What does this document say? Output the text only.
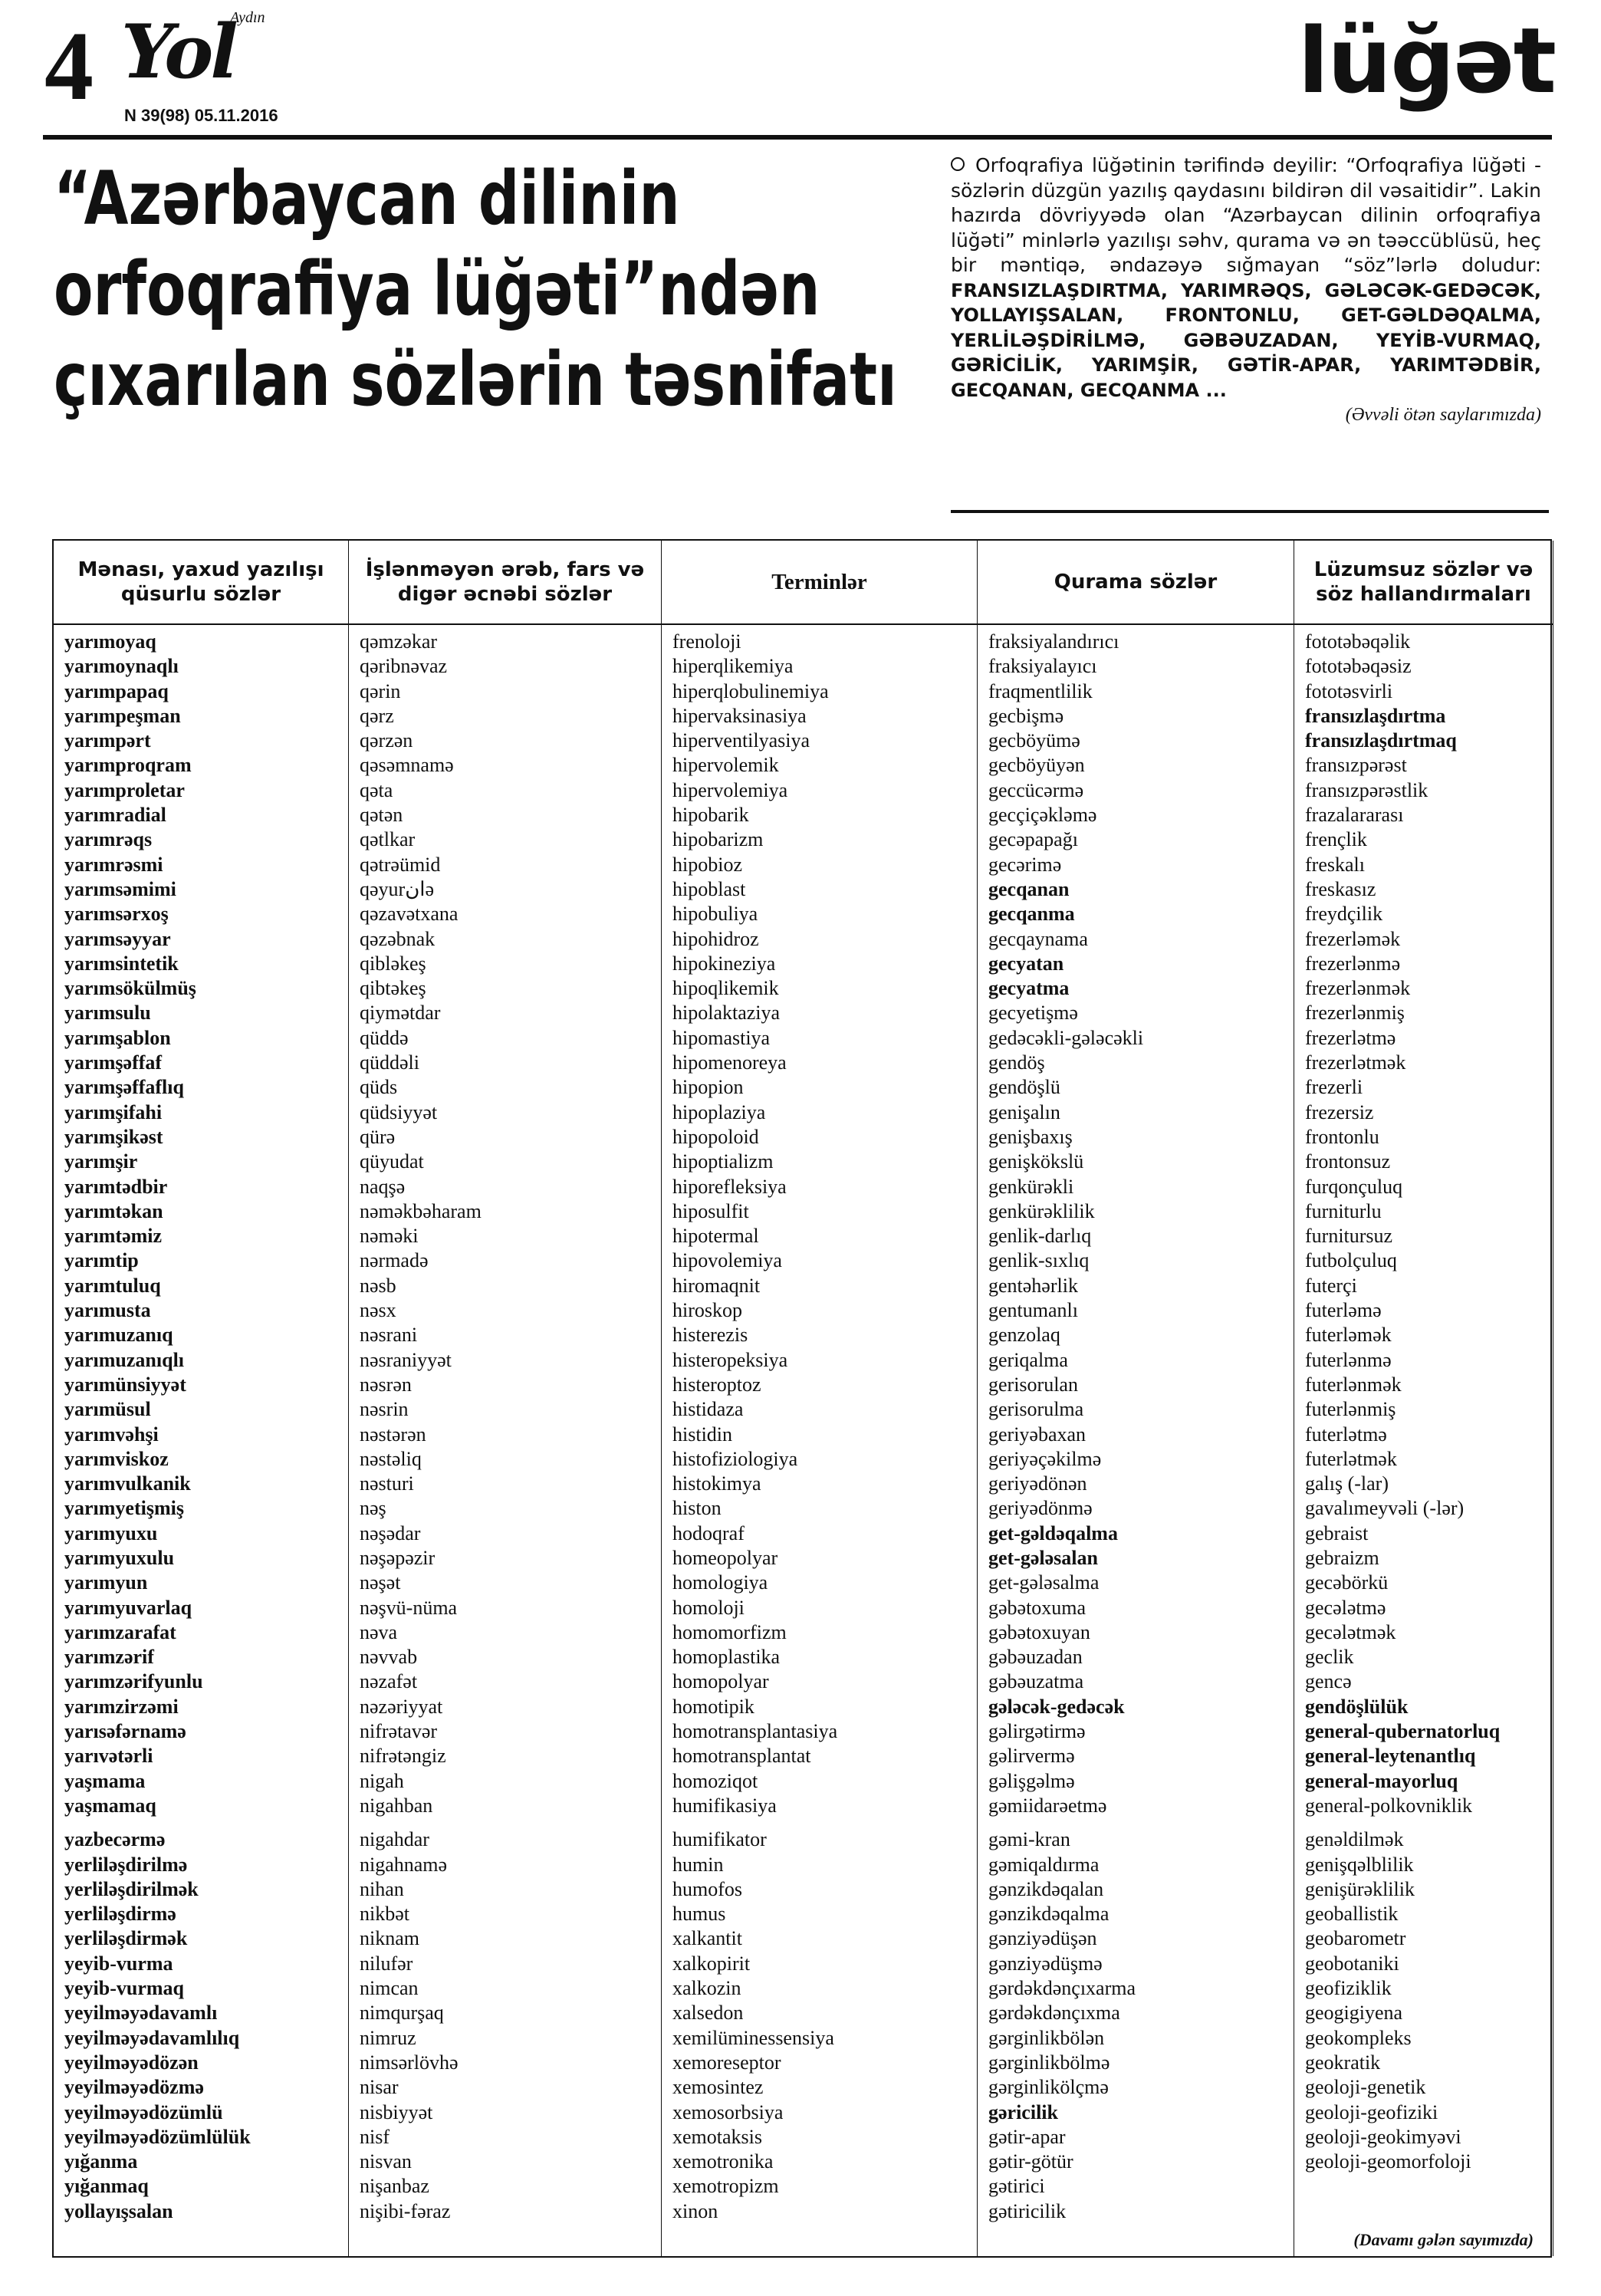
4 Yol
Aydın
N 39(98) 05.11.2016
lüğət
“Azərbaycan dilinin
orfoqrafiya lüğəti”ndən
çıxarılan sözlərin təsnifatı
Orfoqrafiya lüğətinin tərifində deyilir: “Orfoqrafiya lüğəti - sözlərin düzgün yazılış qaydasını bildirən dil vəsaitidir”. Lakin hazırda dövriyyədə olan “Azərbaycan dilinin orfoqrafiya lüğəti” minlərlə yazılışı səhv, qurama və ən təəccüblüsü, heç bir məntiqə, əndazəyə sığmayan “söz”lərlə doludur: FRANSIZLAŞDIRTMA, YARIMRƏQS, GƏLƏCƏK-GEDƏCƏK, YOLLAYIŞSALAN, FRONTONLU, GET-GƏLDƏQALMA, YERLİLƏŞDİRİLMƏ, GƏBƏUZADAN, YEYİB-VURMAQ, GƏRİCİLİK, YARIMŞİR, GƏTİR-APAR, YARIMTƏDBİR, GECQANAN, GECQANMA ...
(Əvvəli ötən saylarımızda)
Mənası, yaxud yazılışı qüsurlu sözlər
yarımoyaq
yarımoynaqlı
yarımpapaq
yarımpeşman
yarımpərt
yarımproqram
yarımproletar
yarımradial
yarımrəqs
yarımrəsmi
yarımsəmimi
yarımsərxoş
yarımsəyyar
yarımsintetik
yarımsökülmüş
yarımsulu
yarımşablon
yarımşəffaf
yarımşəffaflıq
yarımşifahi
yarımşikəst
yarımşir
yarımtədbir
yarımtəkan
yarımtəmiz
yarımtip
yarımtuluq
yarımusta
yarımuzanıq
yarımuzanıqlı
yarımünsiyyət
yarımüsul
yarımvəhşi
yarımviskoz
yarımvulkanik
yarımyetişmiş
yarımyuxu
yarımyuxulu
yarımyun
yarımyuvarlaq
yarımzarafat
yarımzərif
yarımzərifyunlu
yarımzirzəmi
yarısəfərnamə
yarıvətərli
yaşmama
yaşmamaq
yazbecərmə
yerliləşdirilmə
yerliləşdirilmək
yerliləşdirmə
yerliləşdirmək
yeyib-vurma
yeyib-vurmaq
yeyilməyədavamlı
yeyilməyədavamlılıq
yeyilməyədözən
yeyilməyədözmə
yeyilməyədözümlü
yeyilməyədözümlülük
yığanma
yığanmaq
yollayışsalan
İşlənməyən ərəb, fars və digər əcnəbi sözlər
qəmzəkar
qəribnəvaz
qərin
qərz
qərzən
qəsəmnamə
qəta
qətən
qətlkar
qətrəümid
qəyurانə
qəzavətxana
qəzəbnak
qibləkeş
qibtəkeş
qiymətdar
qüddə
qüddəli
qüds
qüdsiyyət
qürə
qüyudat
naqşə
nəməkbəharam
nəməki
nərmadə
nəsb
nəsx
nəsrani
nəsraniyyət
nəsrən
nəsrin
nəstərən
nəstəliq
nəsturi
nəş
nəşədar
nəşəpəzir
nəşət
nəşvü-nüma
nəva
nəvvab
nəzafət
nəzəriyyat
nifrətavər
nifrətəngiz
nigah
nigahban
nigahdar
nigahnamə
nihan
nikbət
niknam
nilufər
nimcan
nimqurşaq
nimruz
nimsərlövhə
nisar
nisbiyyət
nisf
nisvan
nişanbaz
nişibi-fəraz
Terminlər
frenoloji
hiperqlikemiya
hiperqlobulinemiya
hipervaksinasiya
hiperventilyasiya
hipervolemik
hipervolemiya
hipobarik
hipobarizm
hipobioz
hipoblast
hipobuliya
hipohidroz
hipokineziya
hipoqlikemik
hipolaktaziya
hipomastiya
hipomenoreya
hipopion
hipoplaziya
hipopoloid
hipoptializm
hiporefleksiya
hiposulfit
hipotermal
hipovolemiya
hiromaqnit
hiroskop
histerezis
histeropeksiya
histeroptoz
histidaza
histidin
histofiziologiya
histokimya
histon
hodoqraf
homeopolyar
homologiya
homoloji
homomorfizm
homoplastika
homopolyar
homotipik
homotransplantasiya
homotransplantat
homoziqot
humifikasiya
humifikator
humin
humofos
humus
xalkantit
xalkopirit
xalkozin
xalsedon
xemilüminessensiya
xemoreseptor
xemosintez
xemosorbsiya
xemotaksis
xemotronika
xemotropizm
xinon
Qurama sözlər
fraksiyalandırıcı
fraksiyalayıcı
fraqmentlilik
gecbişmə
gecböyümə
gecböyüyən
geccücərmə
gecçiçəkləmə
gecəpapağı
gecərimə
gecqanan
gecqanma
gecqaynama
gecyatan
gecyatma
gecyetişmə
gedəcəkli-gələcəkli
gendöş
gendöşlü
genişalın
genişbaxış
genişkökslü
genkürəkli
genkürəklilik
genlik-darlıq
genlik-sıxlıq
gentəhərlik
gentumanlı
genzolaq
geriqalma
gerisorulan
gerisorulma
geriyəbaxan
geriyəçəkilmə
geriyədönən
geriyədönmə
get-gəldəqalma
get-gələsalan
get-gələsalma
gəbətoxuma
gəbətoxuyan
gəbəuzadan
gəbəuzatma
gələcək-gedəcək
gəlirgətirmə
gəlirvermə
gəlişgəlmə
gəmiidarəetmə
gəmi-kran
gəmiqaldırma
gənzikdəqalan
gənzikdəqalma
gənziyədüşən
gənziyədüşmə
gərdəkdənçıxarma
gərdəkdənçıxma
gərginlikbölən
gərginlikbölmə
gərginlikölçmə
gəricilik
gətir-apar
gətir-götür
gətirici
gətiricilik
Lüzumsuz sözlər və söz hallandırmaları
fototəbəqəlik
fototəbəqəsiz
fototəsvirli
fransızlaşdırtma
fransızlaşdırtmaq
fransızpərəst
fransızpərəstlik
frazalararası
frençlik
freskalı
freskasız
freydçilik
frezerləmək
frezerlənmə
frezerlənmək
frezerlənmiş
frezerlətmə
frezerlətmək
frezerli
frezersiz
frontonlu
frontonsuz
furqonçuluq
furniturlu
furnitursuz
futbolçuluq
futerçi
futerləmə
futerləmək
futerlənmə
futerlənmək
futerlənmiş
futerlətmə
futerlətmək
galış (-lar)
gavalımeyvəli (-lər)
gebraist
gebraizm
gecəbörkü
gecələtmə
gecələtmək
geclik
gencə
gendöşlülük
general-qubernatorluq
general-leytenantlıq
general-mayorluq
general-polkovniklik
genəldilmək
genişqəlblilik
genişürəklilik
geoballistik
geobarometr
geobotaniki
geofiziklik
geogigiyena
geokompleks
geokratik
geoloji-genetik
geoloji-geofiziki
geoloji-geokimyəvi
geoloji-geomorfoloji
(Davamı gələn sayımızda)
